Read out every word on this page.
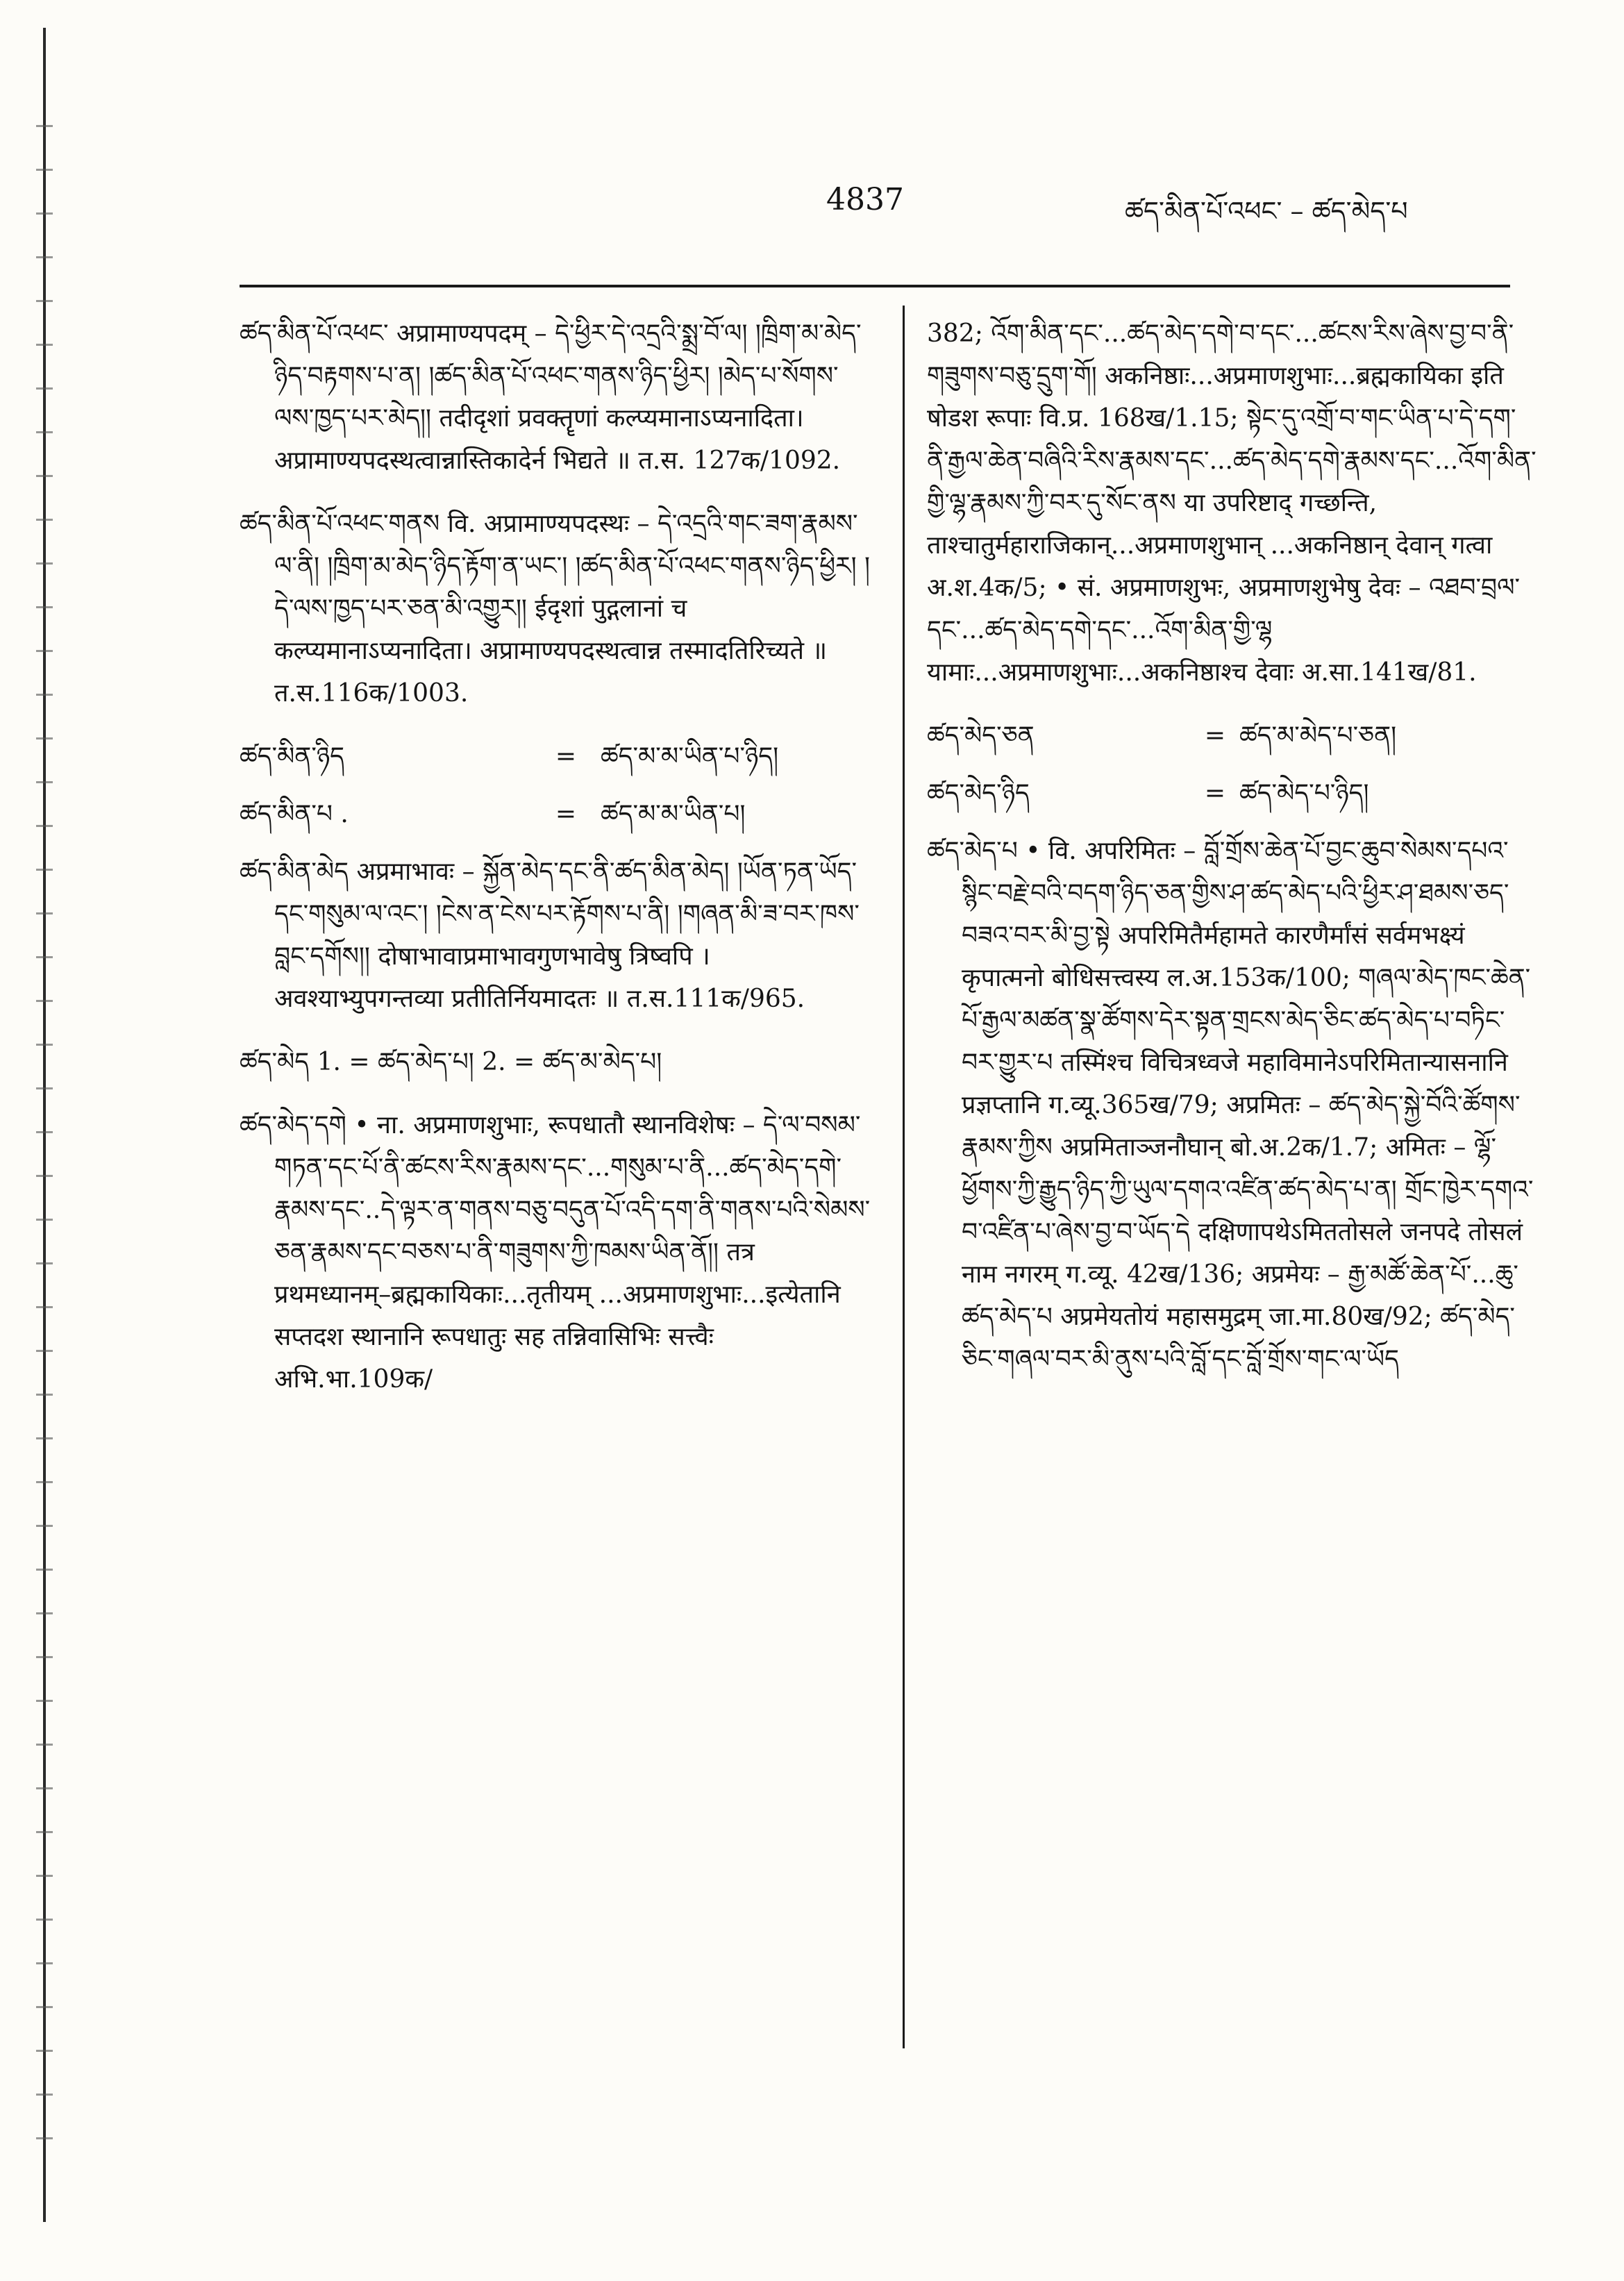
4837	ཚད་མིན་པོ་འཕང་ – ཚད་མེད་པ

ཚད་མིན་པོ་འཕང་ अप्रामाण्यपदम् – དེ་ཕྱིར་དེ་འདྲའི་སྨྲ་བོ་ལ། །ཁྲིག་མ་མེད་ཉིད་བརྟགས་པ་ན། །ཚད་མིན་པོ་འཕང་གནས་ཉིད་ཕྱིར། །མེད་པ་སོགས་ལས་ཁྱད་པར་མེད།། तदीदृशां प्रवक्तॄणां कल्प्यमानाऽप्यनादिता। अप्रामाण्यपदस्थत्वान्नास्तिकादेर्न भिद्यते ॥ त.स. 127क/1092.

ཚད་མིན་པོ་འཕང་གནས वि. अप्रामाण्यपदस्थः – དེ་འདྲའི་གང་ཟག་རྣམས་ལ་ནི། །ཁྲིག་མ་མེད་ཉིད་རྟོག་ན་ཡང་། །ཚད་མིན་པོ་འཕང་གནས་ཉིད་ཕྱིར། །དེ་ལས་ཁྱད་པར་ཅན་མི་འགྱུར།། ईदृशां पुद्गलानां च कल्प्यमानाऽप्यनादिता। अप्रामाण्यपदस्थत्वान्न तस्मादतिरिच्यते ॥ त.स.116क/1003.

ཚད་མིན་ཉིད	= ཚད་མ་མ་ཡིན་པ་ཉིད།
ཚད་མིན་པ .	= ཚད་མ་མ་ཡིན་པ།

ཚད་མིན་མེད अप्रमाभावः – སྐྱོན་མེད་དང་ནི་ཚད་མིན་མེད། །ཡོན་ཏན་ཡོད་དང་གསུམ་ལ་འང་། །ངེས་ན་ངེས་པར་རྟོགས་པ་ནི། །གཞན་མི་ཟ་བར་ཁས་བླང་དགོས།། दोषाभावाप्रमाभावगुणभावेषु त्रिष्वपि । अवश्याभ्युपगन्तव्या प्रतीतिर्नियमादतः ॥ त.स.111क/965.

ཚད་མེད 1. = ཚད་མེད་པ། 2. = ཚད་མ་མེད་པ།

ཚད་མེད་དགེ • ना. अप्रमाणशुभाः, रूपधातौ स्थानविशेषः – དེ་ལ་བསམ་གཏན་དང་པོ་ནི་ཚངས་རིས་རྣམས་དང་...གསུམ་པ་ནི...ཚད་མེད་དགེ་རྣམས་དང་..དེ་ལྟར་ན་གནས་བཅུ་བདུན་པོ་འདི་དག་ནི་གནས་པའི་སེམས་ཅན་རྣམས་དང་བཅས་པ་ནི་གཟུགས་ཀྱི་ཁམས་ཡིན་ནོ།། तत्र प्रथमध्यानम्–ब्रह्मकायिकाः...तृतीयम् ...अप्रमाणशुभाः...इत्येतानि सप्तदश स्थानानि रूपधातुः सह तन्निवासिभिः सत्त्वैः अभि.भा.109क/

382; འོག་མིན་དང་...ཚད་མེད་དགེ་བ་དང་...ཚངས་རིས་ཞེས་བྱ་བ་ནི་གཟུགས་བཅུ་དྲུག་གོ། अकनिष्ठाः...अप्रमाणशुभाः...ब्रह्मकायिका इति षोडश रूपाः वि.प्र. 168ख/1.15; སྟེང་དུ་འགྲོ་བ་གང་ཡིན་པ་དེ་དག་ནི་རྒྱལ་ཆེན་བཞིའི་རིས་རྣམས་དང་...ཚད་མེད་དགེ་རྣམས་དང་...འོག་མིན་གྱི་ལྷ་རྣམས་ཀྱི་བར་དུ་སོང་ནས या उपरिष्टाद् गच्छन्ति, ताश्चातुर्महाराजिकान्...अप्रमाणशुभान् ...अकनिष्ठान् देवान् गत्वा अ.श.4क/5; • सं. अप्रमाणशुभः, अप्रमाणशुभेषु देवः – འཐབ་བྲལ་དང་...ཚད་མེད་དགེ་དང་...འོག་མིན་གྱི་ལྷ यामाः...अप्रमाणशुभाः...अकनिष्ठाश्च देवाः अ.सा.141ख/81.

ཚད་མེད་ཅན	= ཚད་མ་མེད་པ་ཅན།
ཚད་མེད་ཉིད	= ཚད་མེད་པ་ཉིད།

ཚད་མེད་པ • वि. अपरिमितः – བློ་གྲོས་ཆེན་པོ་བྱང་ཆུབ་སེམས་དཔའ་སྙིང་བརྗེ་བའི་བདག་ཉིད་ཅན་གྱིས་ཤ་ཚད་མེད་པའི་ཕྱིར་ཤ་ཐམས་ཅད་བཟའ་བར་མི་བྱ་སྟེ अपरिमितैर्महामते कारणैर्मांसं सर्वमभक्ष्यं कृपात्मनो बोधिसत्त्वस्य ल.अ.153क/100; གཞལ་མེད་ཁང་ཆེན་པོ་རྒྱལ་མཚན་སྣ་ཚོགས་དེར་སྟན་གྲངས་མེད་ཅིང་ཚད་མེད་པ་བཏིང་བར་གྱུར་པ तस्मिंश्च विचित्रध्वजे महाविमानेऽपरिमितान्यासनानि प्रज्ञप्तानि ग.व्यू.365ख/79; अप्रमितः – ཚད་མེད་སྐྱེ་བོའི་ཚོགས་རྣམས་ཀྱིས अप्रमिताञ्जनौघान् बो.अ.2क/1.7; अमितः – ལྷོ་ཕྱོགས་ཀྱི་རྒྱུད་ཉིད་ཀྱི་ཡུལ་དགའ་འཛིན་ཚད་མེད་པ་ན། གྲོང་ཁྱེར་དགའ་བ་འཛིན་པ་ཞེས་བྱ་བ་ཡོད་དེ दक्षिणापथेऽमिततोसले जनपदे तोसलं नाम नगरम् ग.व्यू. 42ख/136; अप्रमेयः – རྒྱ་མཚོ་ཆེན་པོ་...ཆུ་ཚད་མེད་པ अप्रमेयतोयं महासमुद्रम् जा.मा.80ख/92; ཚད་མེད་ཅིང་གཞལ་བར་མི་ནུས་པའི་བློ་དང་བློ་གྲོས་གང་ལ་ཡོད
